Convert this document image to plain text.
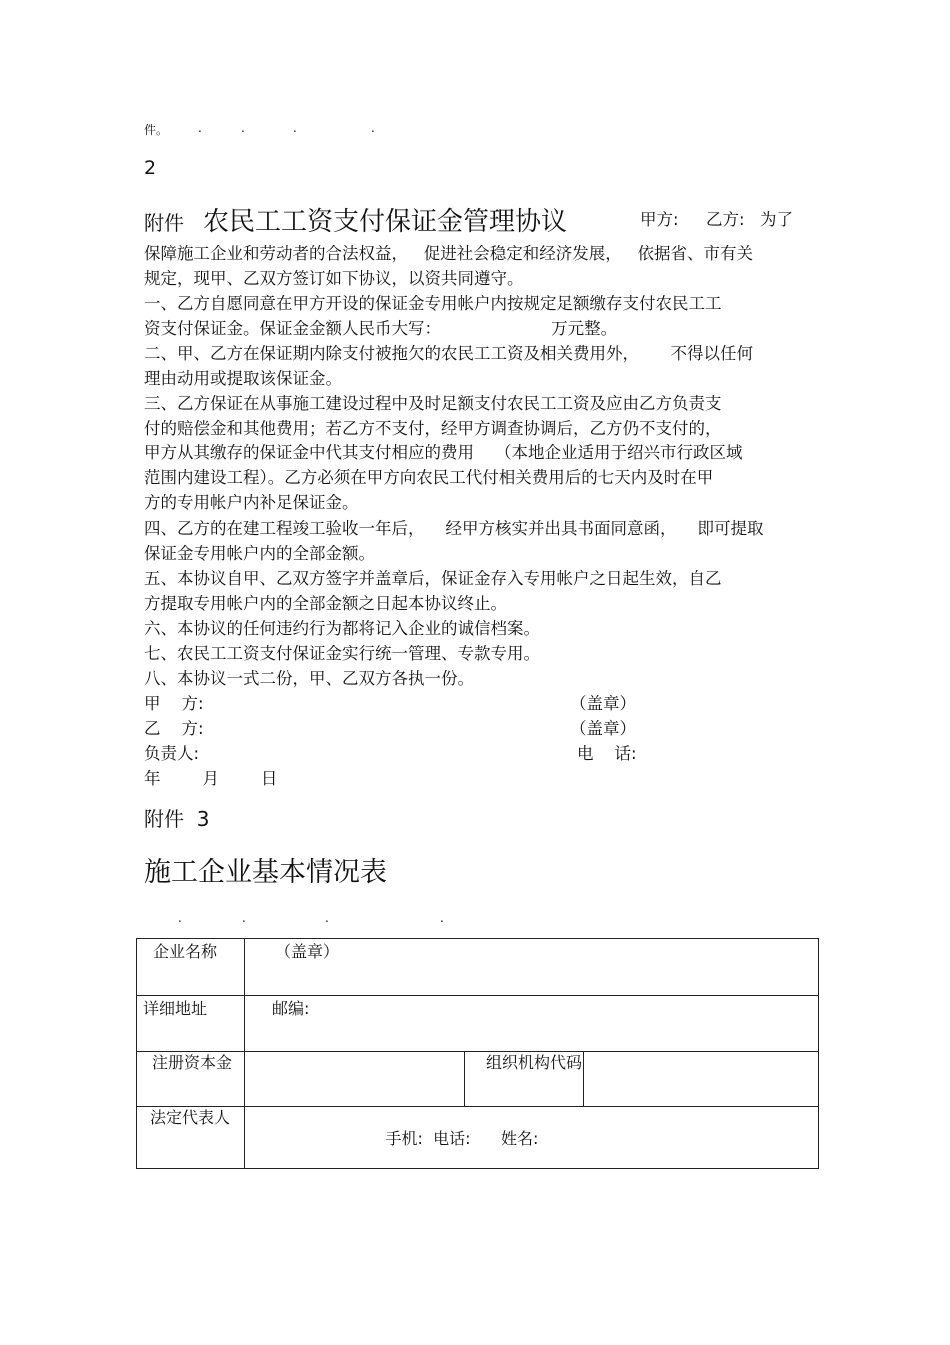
件。 .	.	.	.
2
附件 农民工工资支付保证金管理协议	甲方: 乙方: 为了
保障施工企业和劳动者的合法权益，   促进社会稳定和经济发展，   依据省、市有关
规定，现甲、乙双方签订如下协议，以资共同遵守。
一、乙方自愿同意在甲方开设的保证金专用帐户内按规定足额缴存支付农民工工
资支付保证金。保证金金额人民币大写：                     万元整。
二、甲、乙方在保证期内除支付被拖欠的农民工工资及相关费用外，      不得以任何
理由动用或提取该保证金。
三、乙方保证在从事施工建设过程中及时足额支付农民工工资及应由乙方负责支
付的赔偿金和其他费用；若乙方不支付，经甲方调查协调后，乙方仍不支付的，
甲方从其缴存的保证金中代其支付相应的费用    （本地企业适用于绍兴市行政区域
范围内建设工程）。乙方必须在甲方向农民工代付相关费用后的七天内及时在甲
方的专用帐户内补足保证金。
四、乙方的在建工程竣工验收一年后，    经甲方核实并出具书面同意函，    即可提取
保证金专用帐户内的全部金额。
五、本协议自甲、乙双方签字并盖章后，保证金存入专用帐户之日起生效，自乙
方提取专用帐户内的全部金额之日起本协议终止。
六、本协议的任何违约行为都将记入企业的诚信档案。
七、农民工工资支付保证金实行统一管理、专款专用。
八、本协议一式二份，甲、乙双方各执一份。
甲    方:	（盖章）
乙    方:	（盖章）
负责人:	电    话:
年        月        日
附件  3
施工企业基本情况表
.	.	.	.
企业名称	（盖章）		
详细地址	邮编:		
注册资本金		组织机构代码	
法定代表人	手机:  电话:      姓名:		
